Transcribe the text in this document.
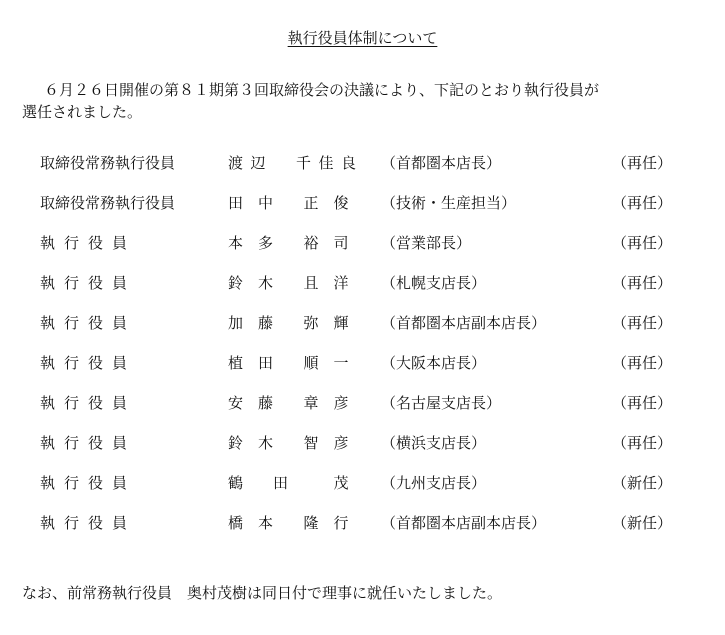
執行役員体制について
６月２６日開催の第８１期第３回取締役会の決議により、下記のとおり執行役員が
選任されました。
取締役常務執行役員	渡 辺 千 佳 良 （首都圏本店長）	（再任）
取締役常務執行役員	田 中  正 俊 （技術・生産担当）	（再任）
執行役員	本 多  裕 司 （営業部長）	（再任）
執行役員	鈴 木  且 洋 （札幌支店長）	（再任）
執行役員	加 藤  弥 輝 （首都圏本店副本店長）	（再任）
執行役員	植 田  順 一 （大阪本店長）	（再任）
執行役員	安 藤  章 彦 （名古屋支店長）	（再任）
執行役員	鈴 木  智 彦 （横浜支店長）	（再任）
執行役員	鶴  田    茂 （九州支店長）	（新任）
執行役員	橋 本  隆 行 （首都圏本店副本店長）	（新任）
なお、前常務執行役員　奥村茂樹は同日付で理事に就任いたしました。
